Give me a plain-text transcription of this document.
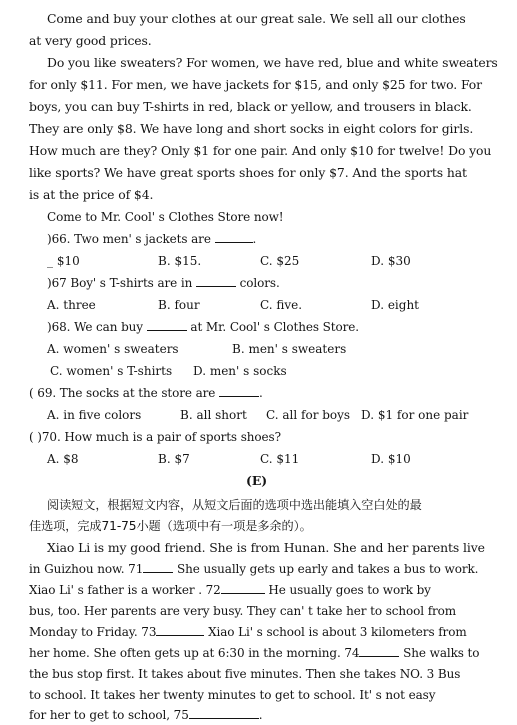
Come and buy your clothes at our great sale. We sell all our clothes
at very good prices.
Do you like sweaters? For women, we have red, blue and white sweaters
for only $11. For men, we have jackets for $15, and only $25 for two. For
boys, you can buy T-shirts in red, black or yellow, and trousers in black.
They are only $8. We have long and short socks in eight colors for girls.
How much are they? Only $1 for one pair. And only $10 for twelve! Do you
like sports? We have great sports shoes for only $7. And the sports hat
is at the price of $4.
Come to Mr. Cool' s Clothes Store now!
)66. Two men' s jackets are	.
_ $10	B. $15.	C. $25	D. $30
)67 Boy' s T-shirts are in	colors.
A. three	B. four	C. five.	D. eight
)68. We can buy	at Mr. Cool' s Clothes Store.
A. women' s sweaters	B. men' s sweaters
C. women' s T-shirts D. men' s socks
( 69. The socks at the store are	.
A. in five colors	B. all short C. all for boys D. $1 for one pair
( )70. How much is a pair of sports shoes?
A. $8	B. $7	C. $11	D. $10
(E)
阅读短文，根据短文内容，从短文后面的选项中选出能填入空白处的最
佳选项，完成71-75小题（选项中有一项是多余的）。
Xiao Li is my good friend. She is from Hunan. She and her parents live
in Guizhou now. 71	She usually gets up early and takes a bus to work.
Xiao Li' s father is a worker . 72	He usually goes to work by
bus, too. Her parents are very busy. They can' t take her to school from
Monday to Friday. 73	Xiao Li' s school is about 3 kilometers from
her home. She often gets up at 6:30 in the morning. 74	She walks to
the bus stop first. It takes about five minutes. Then she takes NO. 3 Bus
to school. It takes her twenty minutes to get to school. It' s not easy
for her to get to school, 75	.
